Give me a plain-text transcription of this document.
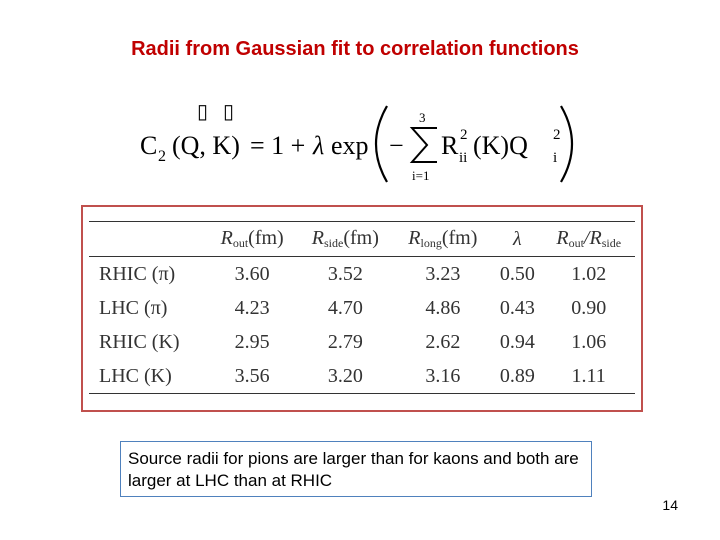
Radii from Gaussian fit to correlation functions
▯ ▯
C 2 (Q, K) = 1 + λ exp −
3
i=1
R 2
ii (K)Q 2
i
	Rout(fm)	Rside(fm)	Rlong(fm)	λ	Rout/Rside
RHIC (π)	3.60	3.52	3.23	0.50	1.02
LHC (π)	4.23	4.70	4.86	0.43	0.90
RHIC (K)	2.95	2.79	2.62	0.94	1.06
LHC (K)	3.56	3.20	3.16	0.89	1.11
Source radii for pions are larger than for kaons and both are larger at LHC than at RHIC
14
